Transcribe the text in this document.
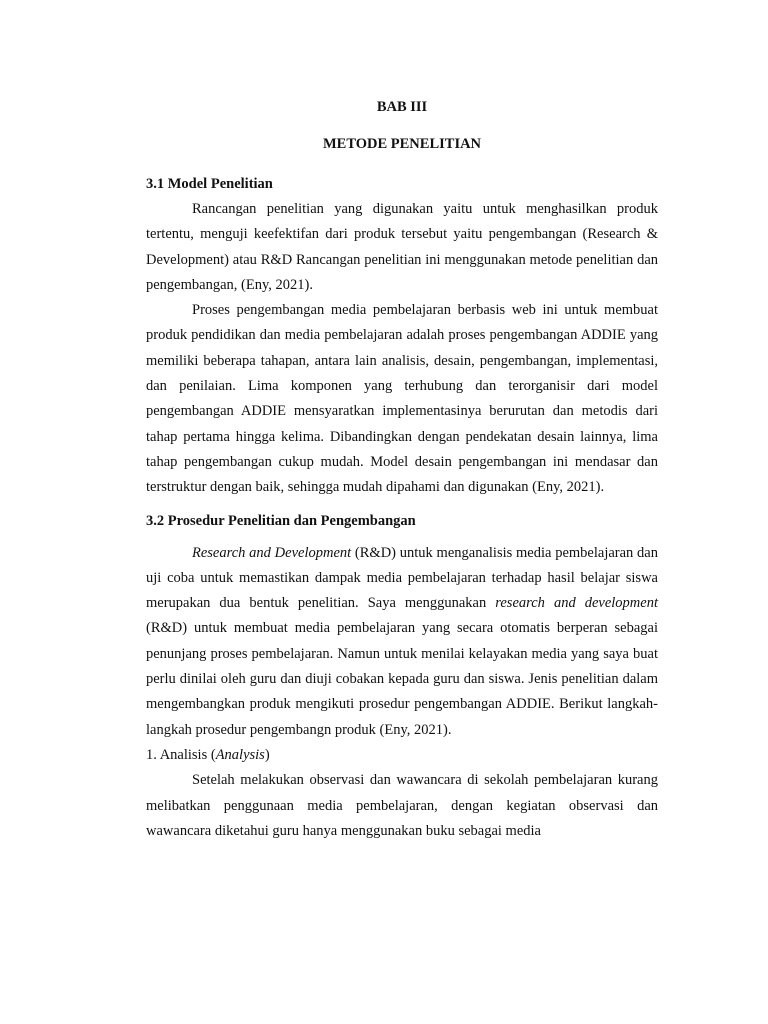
BAB III
METODE PENELITIAN
3.1 Model Penelitian

Rancangan penelitian yang digunakan yaitu untuk menghasilkan produk tertentu, menguji keefektifan dari produk tersebut yaitu pengembangan (Research & Development) atau R&D Rancangan penelitian ini menggunakan metode penelitian dan pengembangan, (Eny, 2021).

Proses pengembangan media pembelajaran berbasis web ini untuk membuat produk pendidikan dan media pembelajaran adalah proses pengembangan ADDIE yang memiliki beberapa tahapan, antara lain analisis, desain, pengembangan, implementasi, dan penilaian. Lima komponen yang terhubung dan terorganisir dari model pengembangan ADDIE mensyaratkan implementasinya berurutan dan metodis dari tahap pertama hingga kelima. Dibandingkan dengan pendekatan desain lainnya, lima tahap pengembangan cukup mudah. Model desain pengembangan ini mendasar dan terstruktur dengan baik, sehingga mudah dipahami dan digunakan (Eny, 2021).

3.2 Prosedur Penelitian dan Pengembangan

Research and Development (R&D) untuk menganalisis media pembelajaran dan uji coba untuk memastikan dampak media pembelajaran terhadap hasil belajar siswa merupakan dua bentuk penelitian. Saya menggunakan research and development (R&D) untuk membuat media pembelajaran yang secara otomatis berperan sebagai penunjang proses pembelajaran. Namun untuk menilai kelayakan media yang saya buat perlu dinilai oleh guru dan diuji cobakan kepada guru dan siswa. Jenis penelitian dalam mengembangkan produk mengikuti prosedur pengembangan ADDIE. Berikut langkah-langkah prosedur pengembangn produk (Eny, 2021).

1. Analisis (Analysis)

Setelah melakukan observasi dan wawancara di sekolah pembelajaran kurang melibatkan penggunaan media pembelajaran, dengan kegiatan observasi dan wawancara diketahui guru hanya menggunakan buku sebagai media
